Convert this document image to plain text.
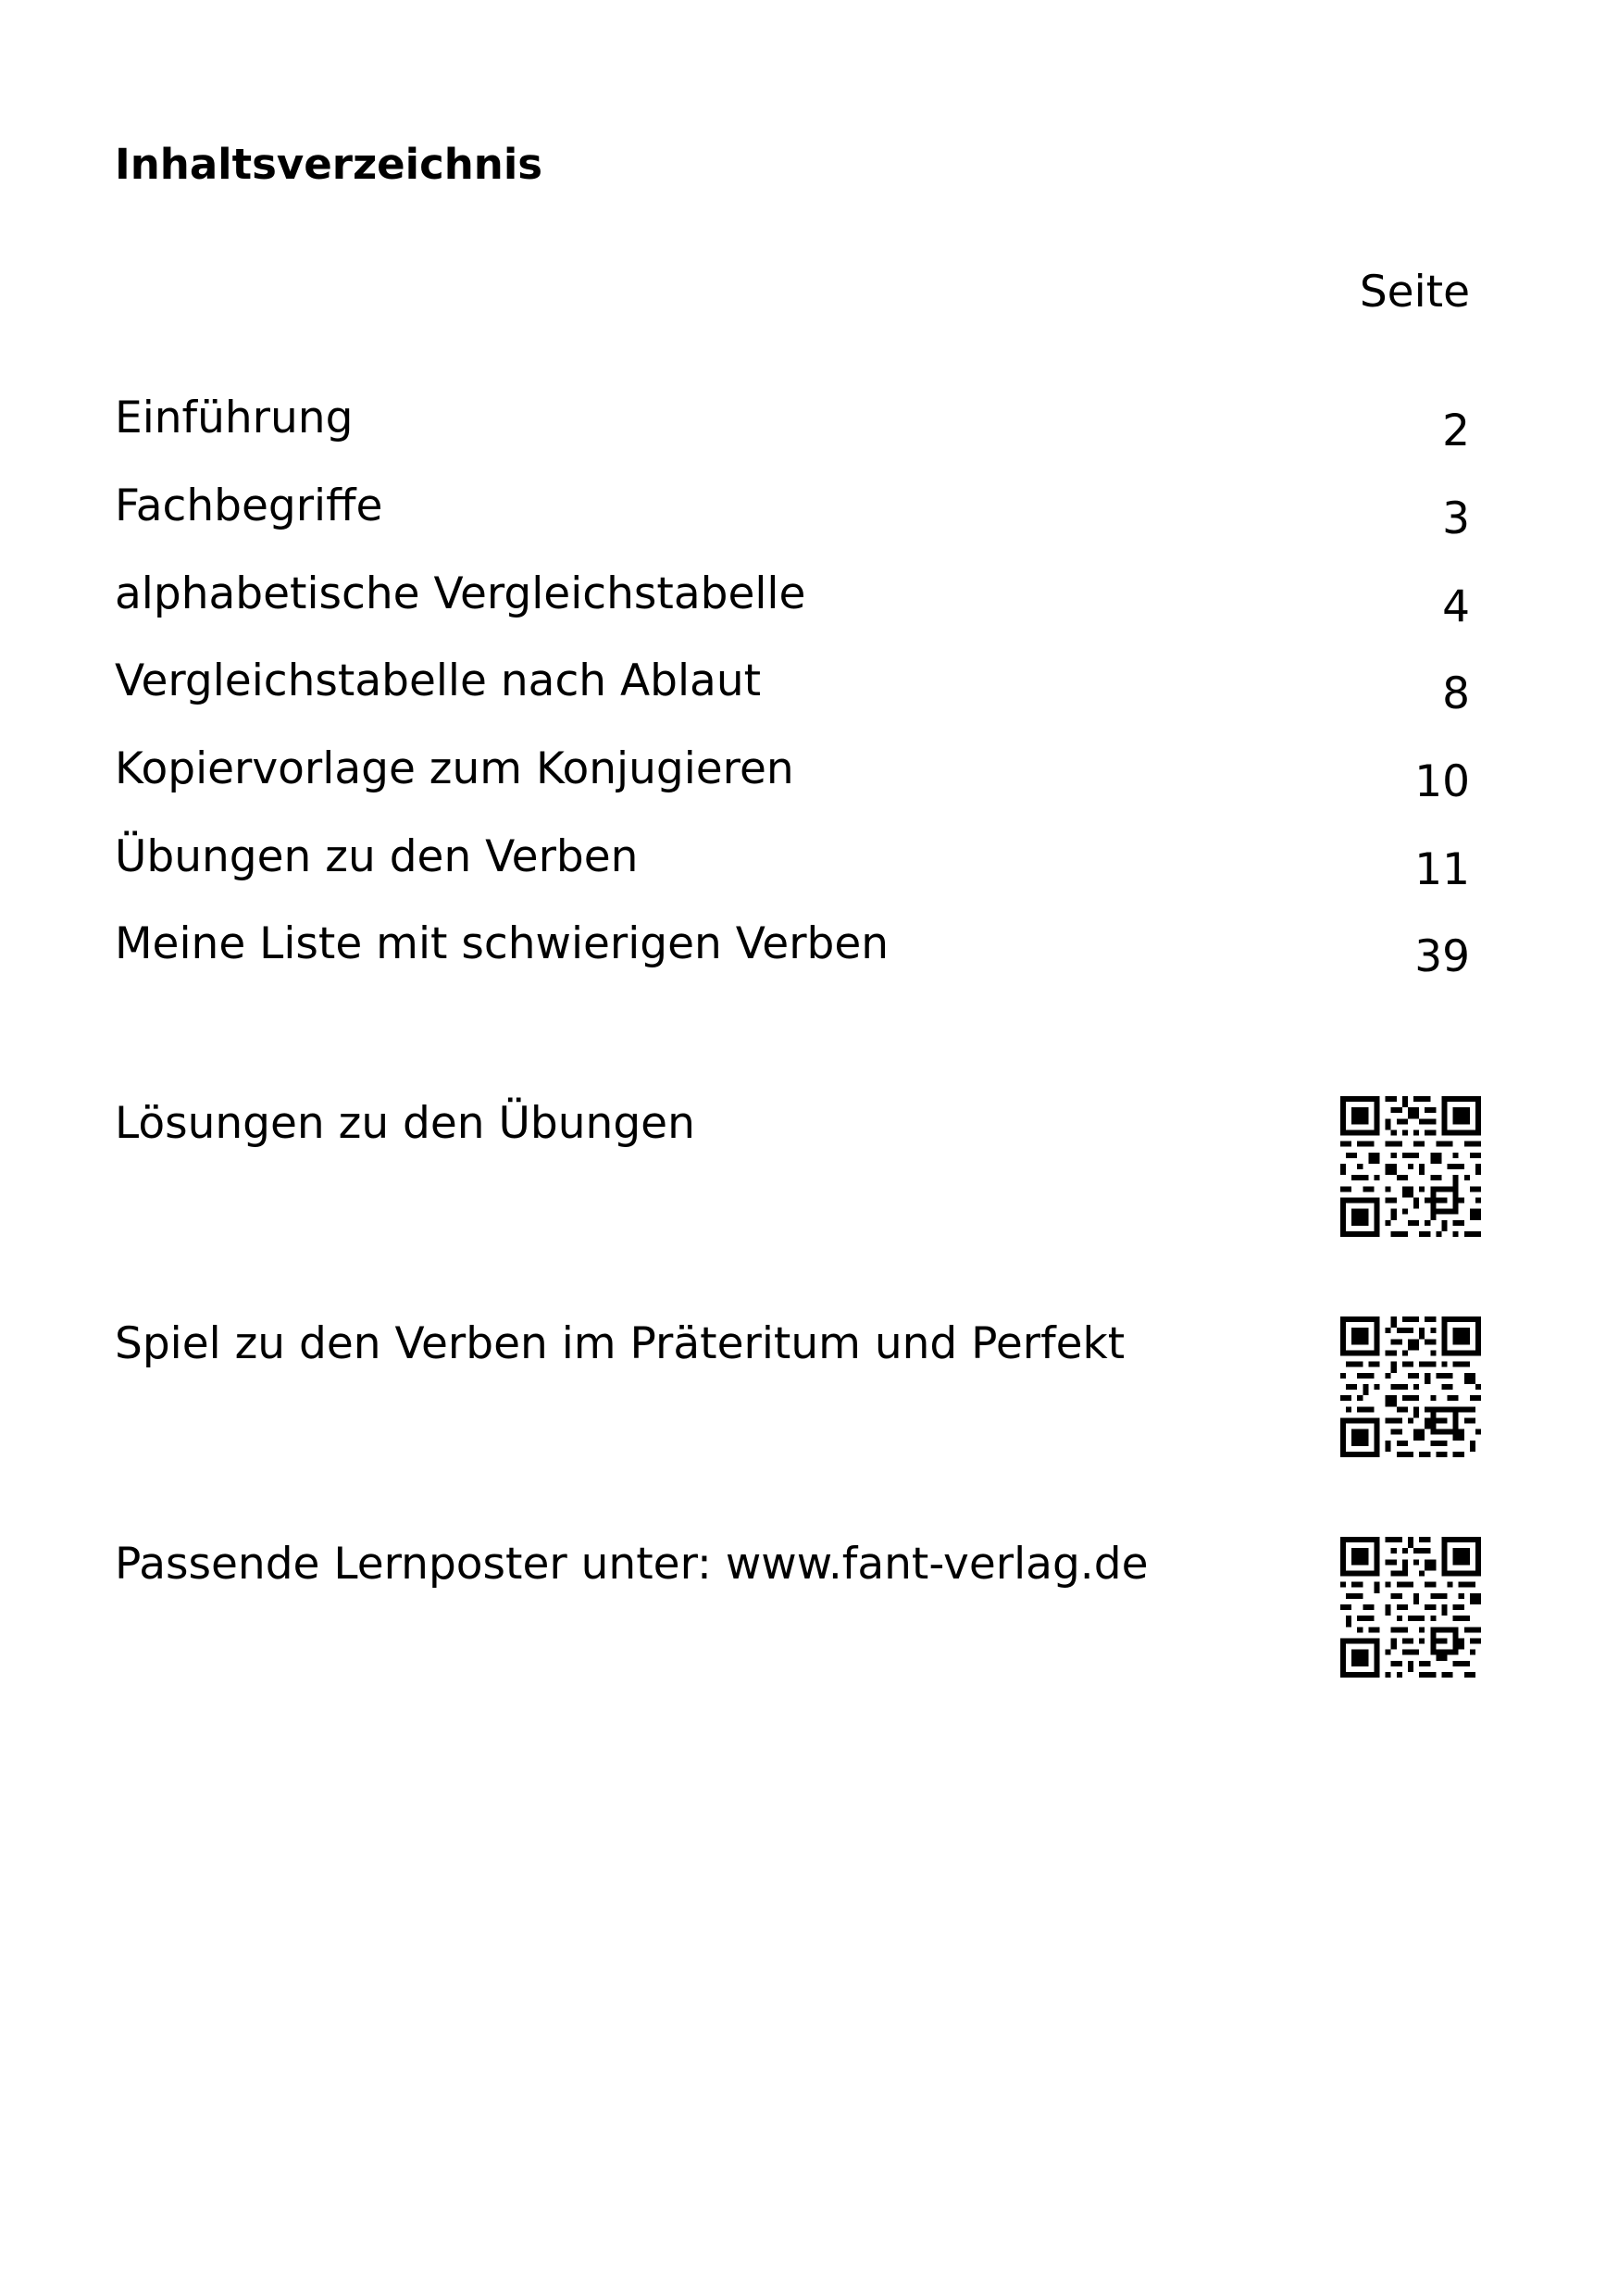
Inhaltsverzeichnis
Seite
Einführung	2
Fachbegriffe	3
alphabetische Vergleichstabelle	4
Vergleichstabelle nach Ablaut	8
Kopiervorlage zum Konjugieren	10
Übungen zu den Verben	11
Meine Liste mit schwierigen Verben	39
Lösungen zu den Übungen
Spiel zu den Verben im Präteritum und Perfekt
Passende Lernposter unter: www.fant-verlag.de
